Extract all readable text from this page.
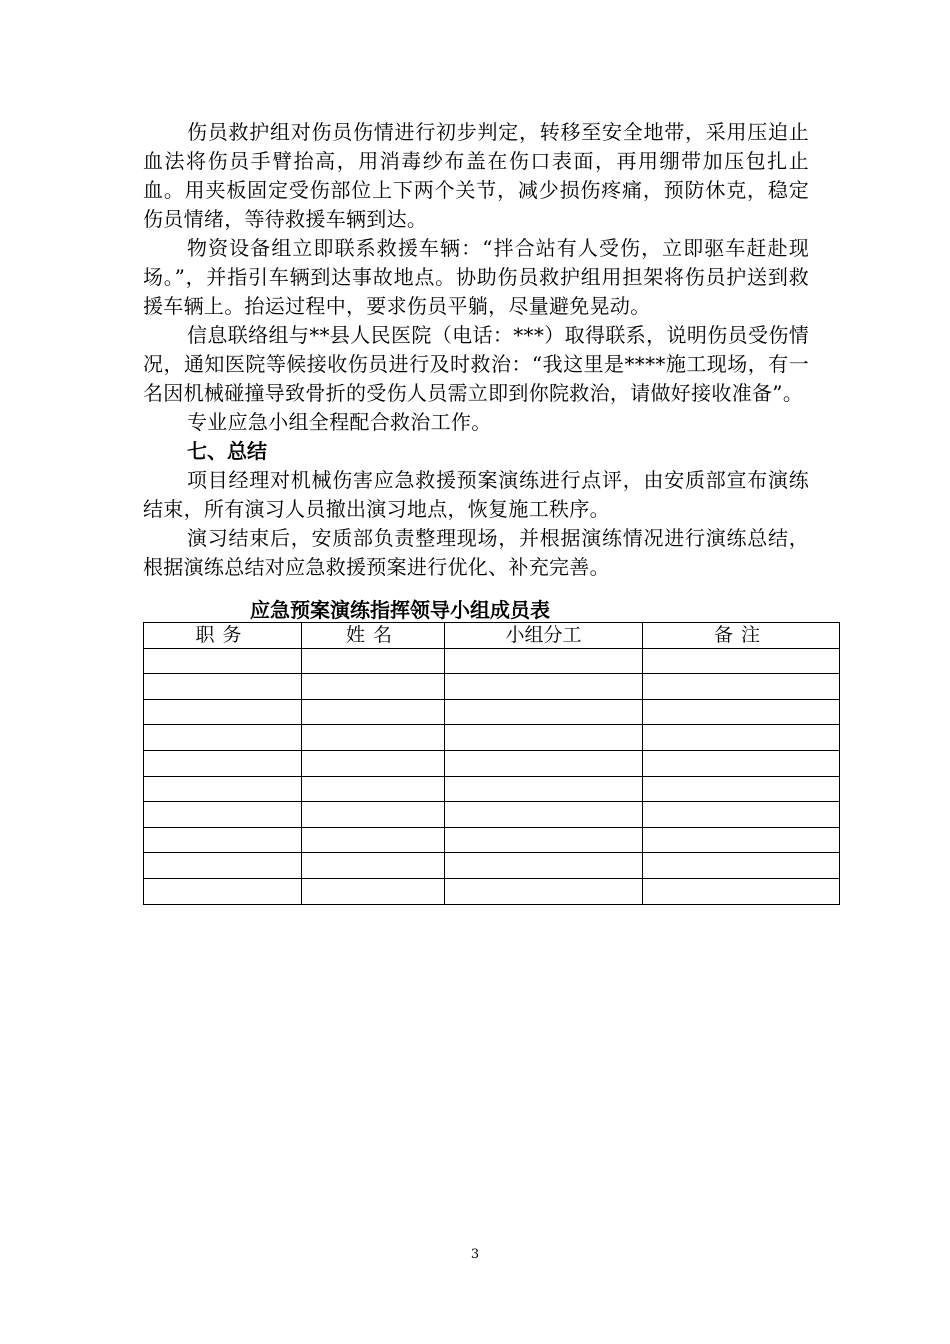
伤员救护组对伤员伤情进行初步判定，转移至安全地带，采用压迫止血法将伤员手臂抬高，用消毒纱布盖在伤口表面，再用绷带加压包扎止血。用夹板固定受伤部位上下两个关节，减少损伤疼痛，预防休克，稳定伤员情绪，等待救援车辆到达。

物资设备组立即联系救援车辆：“拌合站有人受伤，立即驱车赶赴现场。”，并指引车辆到达事故地点。协助伤员救护组用担架将伤员护送到救援车辆上。抬运过程中，要求伤员平躺，尽量避免晃动。

信息联络组与**县人民医院（电话：***）取得联系，说明伤员受伤情况，通知医院等候接收伤员进行及时救治：“我这里是****施工现场，有一名因机械碰撞导致骨折的受伤人员需立即到你院救治，请做好接收准备”。

专业应急小组全程配合救治工作。

七、总结

项目经理对机械伤害应急救援预案演练进行点评，由安质部宣布演练结束，所有演习人员撤出演习地点，恢复施工秩序。

演习结束后，安质部负责整理现场，并根据演练情况进行演练总结，根据演练总结对应急救援预案进行优化、补充完善。

应急预案演练指挥领导小组成员表
职务	姓名	小组分工	备注

3
